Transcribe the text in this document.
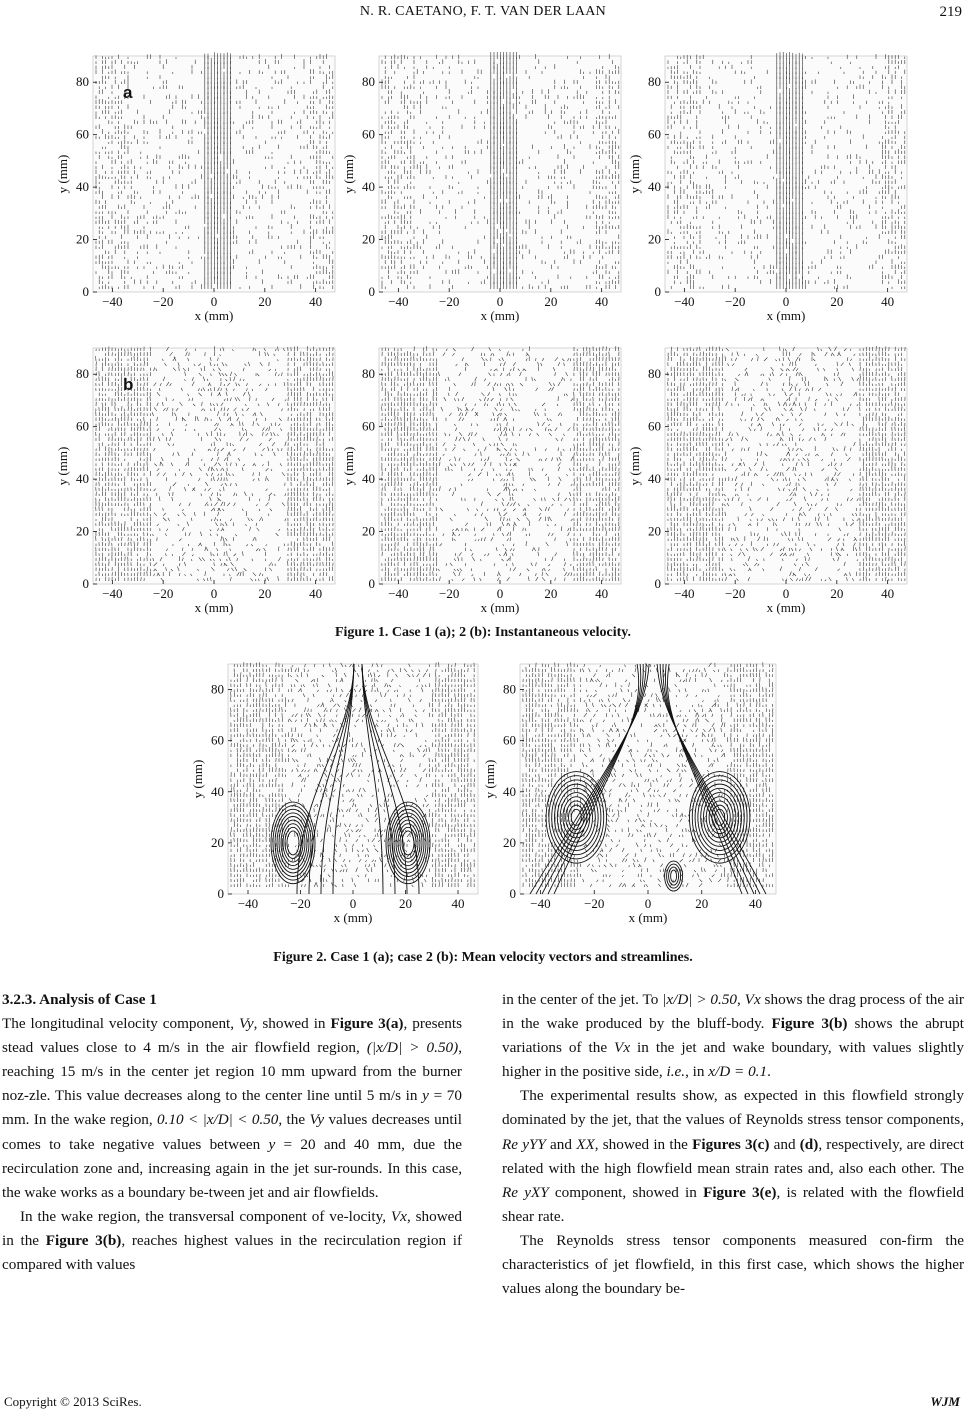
N. R. CAETANO, F. T. VAN DER LAAN	219
0
20
40
60
80
−40 −20	0	20	40
x (mm)
y (mm)
a
0
20
40
60
80
−40 −20	0	20	40
x (mm)
y (mm)
0
20
40
60
80
−40 −20	0	20	40
x (mm)
y (mm)
0
20
40
60
80
−40 −20	0	20	40
x (mm)
y (mm)
b
0
20
40
60
80
−40 −20	0	20	40
x (mm)
y (mm)
0
20
40
60
80
−40 −20	0	20	40
x (mm)
y (mm)
Figure 1. Case 1 (a); 2 (b): Instantaneous velocity.
0
20
40
60
80
−40 −20	0	20	40
x (mm)
y (mm)
0
20
40
60
80
−40	−20	0	20	40
x (mm)
y (mm)
Figure 2. Case 1 (a); case 2 (b): Mean velocity vectors and streamlines.

3.2.3. Analysis of Case 1

The longitudinal velocity component, Vy, showed in Figure 3(a), presents stead values close to 4 m/s in the air flowfield region, (|x/D| > 0.50), reaching 15 m/s in the center jet region 10 mm upward from the burner noz-zle. This value decreases along to the center line until 5 m/s in y = 70 mm. In the wake region, 0.10 < |x/D| < 0.50, the Vy values decreases until comes to take negative values between y = 20 and 40 mm, due the recirculation zone and, increasing again in the jet sur-rounds. In this case, the wake works as a boundary be-tween jet and air flowfields.

In the wake region, the transversal component of ve-locity, Vx, showed in the Figure 3(b), reaches highest values in the recirculation region if compared with values

in the center of the jet. To |x/D| > 0.50, Vx shows the drag process of the air in the wake produced by the bluff-body. Figure 3(b) shows the abrupt variations of the Vx in the jet and wake boundary, with values slightly higher in the positive side, i.e., in x/D = 0.1.

The experimental results show, as expected in this flowfield strongly dominated by the jet, that the values of Reynolds stress tensor components, Re yYY and XX, showed in the Figures 3(c) and (d), respectively, are direct related with the high flowfield mean strain rates and, also each other. The Re yXY component, showed in Figure 3(e), is related with the flowfield shear rate.

The Reynolds stress tensor components measured con-firm the characteristics of jet flowfield, in this first case, which shows the higher values along the boundary be-

Copyright © 2013 SciRes.	WJM
